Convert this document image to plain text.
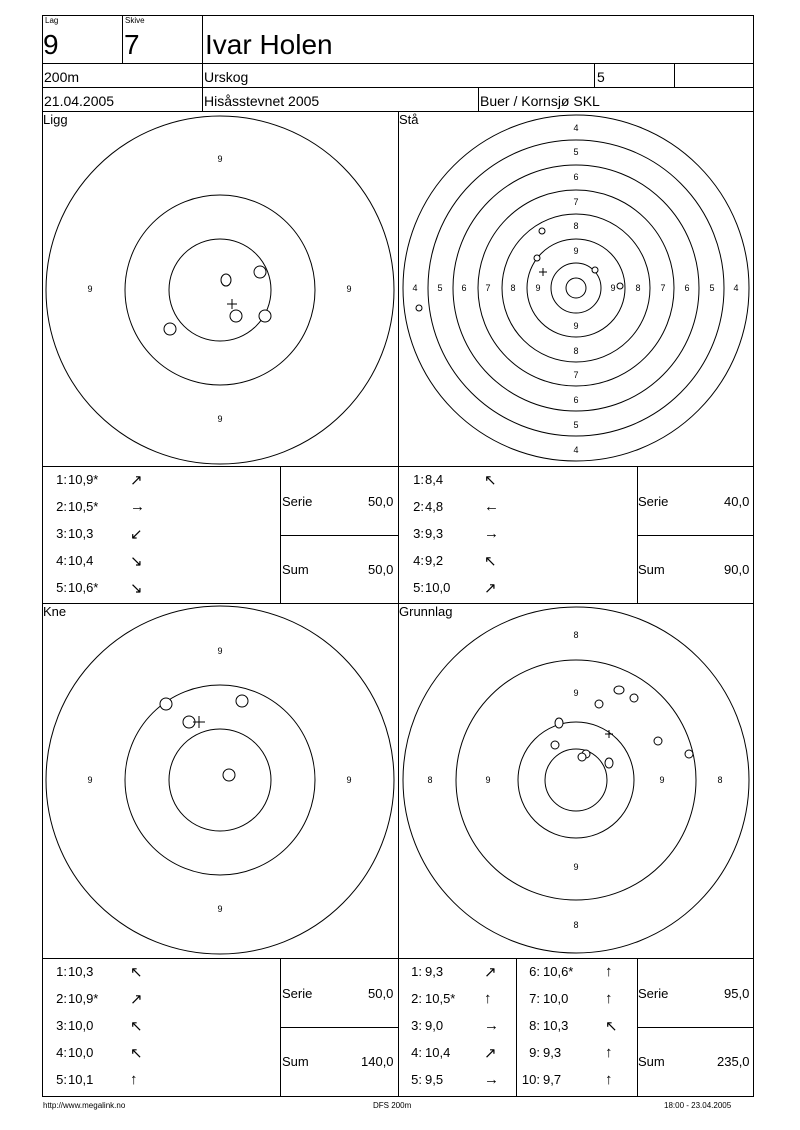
Lag
9
Skive
7 Ivar Holen
200m	Urskog	5
21.04.2005	Hisåsstevnet 2005	Buer / Kornsjø SKL
Ligg	Stå
Kne	Grunnlag
9
9	9
9
4
5
6
7
8
9
9
8
7
6
5
4
4 5 6 7 8 9	9 8 7 6 5 4
9
9	9
9
8
9
8	9	9	8
9
8
1: 10,9* ↗
2: 10,5* →
3: 10,3 ↙
4: 10,4 ↘
5: 10,6* ↘
Serie	50,0
Sum	50,0
1: 8,4	↖
2: 4,8	←
3: 9,3	→
4: 9,2	↖
5: 10,0 ↗
Serie	40,0
Sum	90,0
1: 10,3 ↖
2: 10,9* ↗
3: 10,0 ↖
4: 10,0 ↖
5: 10,1 ↑
Serie	50,0
Sum	140,0
1: 9,3	↗
2: 10,5* ↑
3: 9,0	→
4: 10,4 ↗
5: 9,5	→
6: 10,6* ↑
7: 10,0 ↑
8: 10,3 ↖
9: 9,3	↑
10: 9,7	↑
Serie	95,0
Sum	235,0
http://www.megalink.no	DFS 200m	18:00 - 23.04.2005
